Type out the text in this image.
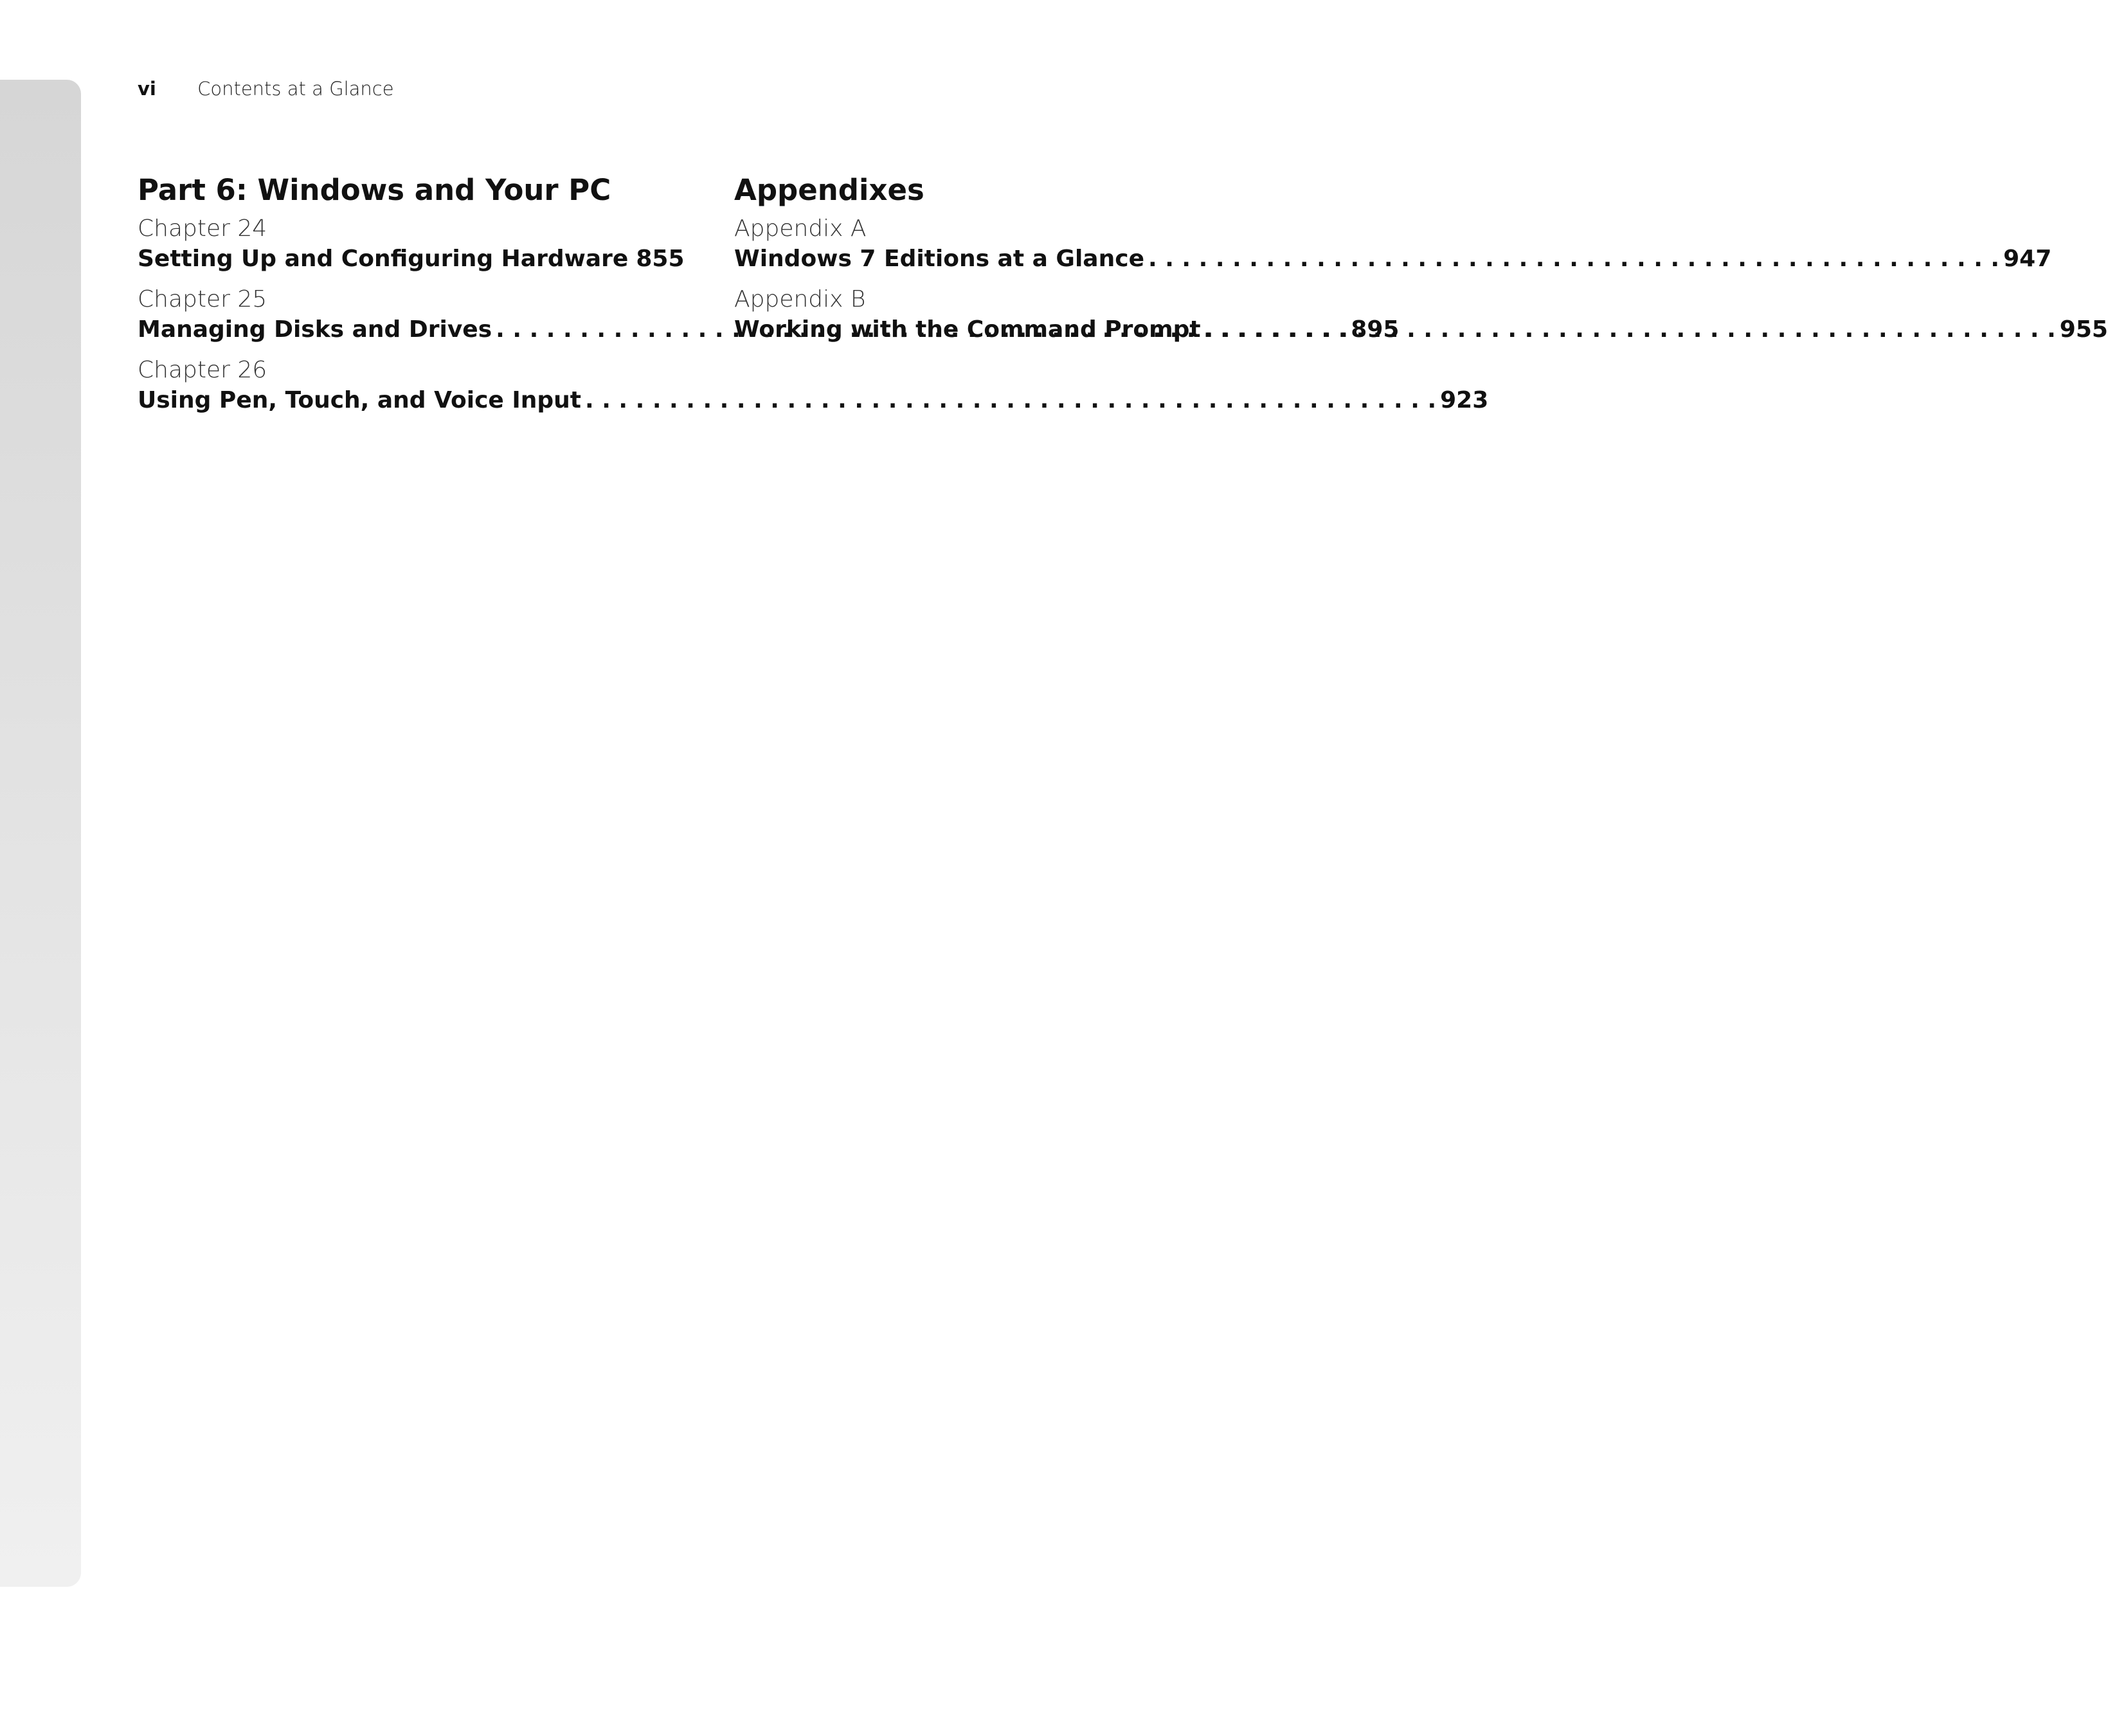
vi Contents at a Glance
Part 6: Windows and Your PC
Chapter 24
Setting Up and Configuring Hardware 855
Chapter 25
Managing Disks and Drives . . .	895
Chapter 26
Using Pen, Touch, and Voice Input . . .	923
Appendixes
Appendix A
Windows 7 Editions at a Glance . . .	947
Appendix B
Working with the Command Prompt . . .	955
